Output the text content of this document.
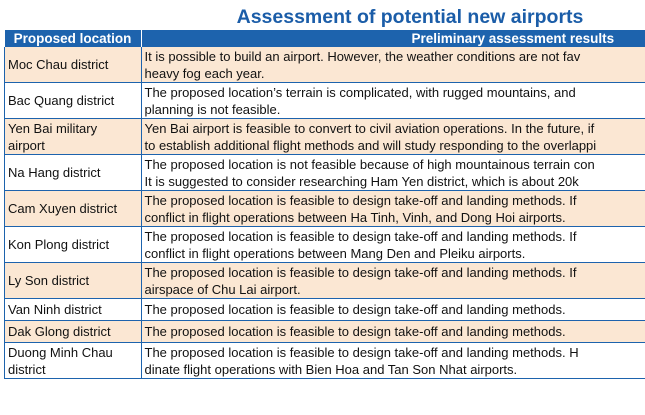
Assessment of potential new airports
Proposed location	Preliminary assessment results

Moc Chau district	It is possible to build an airport. However, the weather conditions are not fav
heavy fog each year.

Bac Quang district	The proposed location’s terrain is complicated, with rugged mountains, and
planning is not feasible.

Yen Bai military
airport	Yen Bai airport is feasible to convert to civil aviation operations. In the future, if
to establish additional flight methods and will study responding to the overlappi

Na Hang district	The proposed location is not feasible because of high mountainous terrain con
It is suggested to consider researching Ham Yen district, which is about 20k

Cam Xuyen district	The proposed location is feasible to design take-off and landing methods. If
conflict in flight operations between Ha Tinh, Vinh, and Dong Hoi airports.

Kon Plong district	The proposed location is feasible to design take-off and landing methods. If
conflict in flight operations between Mang Den and Pleiku airports.

Ly Son district	The proposed location is feasible to design take-off and landing methods. If
airspace of Chu Lai airport.

Van Ninh district	The proposed location is feasible to design take-off and landing methods.

Dak Glong district	The proposed location is feasible to design take-off and landing methods.

Duong Minh Chau
district	The proposed location is feasible to design take-off and landing methods. H
dinate flight operations with Bien Hoa and Tan Son Nhat airports.
